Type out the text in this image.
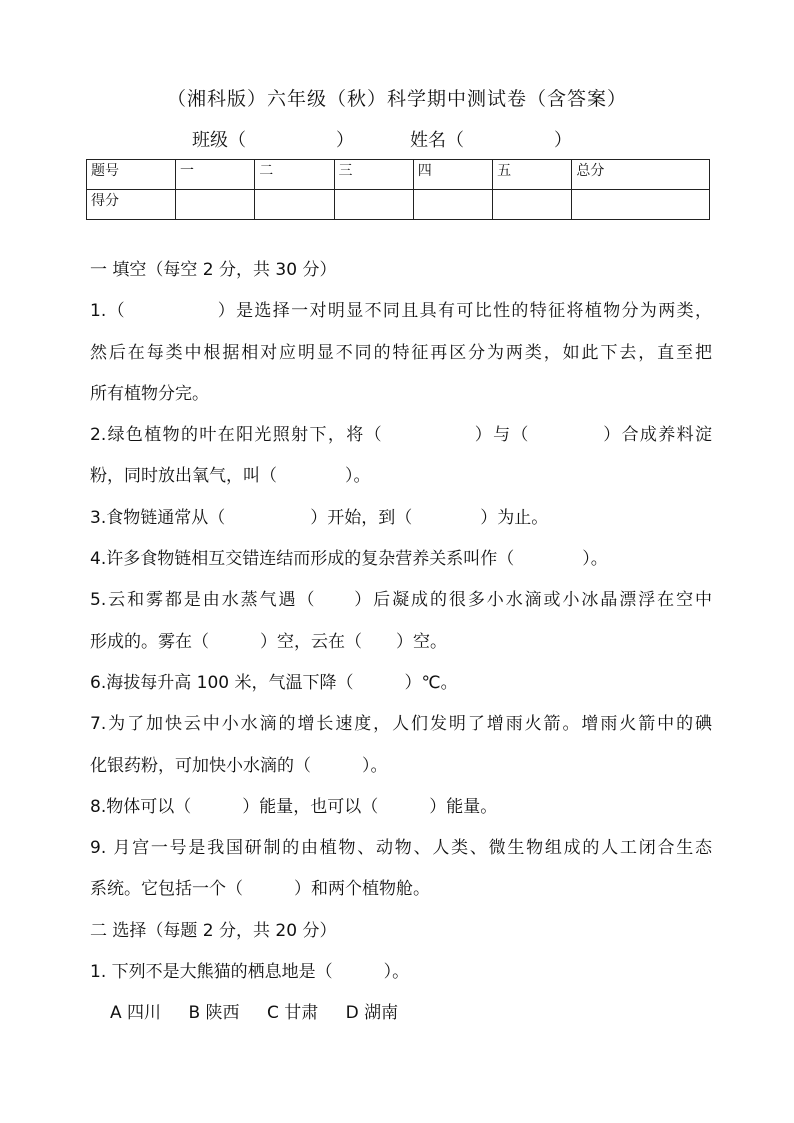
（湘科版）六年级（秋）科学期中测试卷（含答案）
班级（　　　　　）	姓名（　　　　　）
题号	一	二	三	四	五	总分
得分						
一 填空（每空 2 分，共 30 分）
1.（　　　　　）是选择一对明显不同且具有可比性的特征将植物分为两类，
然后在每类中根据相对应明显不同的特征再区分为两类，如此下去，直至把
所有植物分完。
2.绿色植物的叶在阳光照射下，将（　　　　　）与（　　　　）合成养料淀
粉，同时放出氧气，叫（　　　　）。
3.食物链通常从（　　　　　）开始，到（　　　　）为止。
4.许多食物链相互交错连结而形成的复杂营养关系叫作（　　　　）。
5.云和雾都是由水蒸气遇（　　）后凝成的很多小水滴或小冰晶漂浮在空中
形成的。雾在（　　　）空，云在（　　）空。
6.海拔每升高 100 米，气温下降（　　　）℃。
7.为了加快云中小水滴的增长速度，人们发明了增雨火箭。增雨火箭中的碘
化银药粉，可加快小水滴的（　　　）。
8.物体可以（　　　）能量，也可以（　　　）能量。
9. 月宫一号是我国研制的由植物、动物、人类、微生物组成的人工闭合生态
系统。它包括一个（　　　）和两个植物舱。
二 选择（每题 2 分，共 20 分）
1. 下列不是大熊猫的栖息地是（　　　）。
A 四川 B 陕西 C 甘肃 D 湖南
